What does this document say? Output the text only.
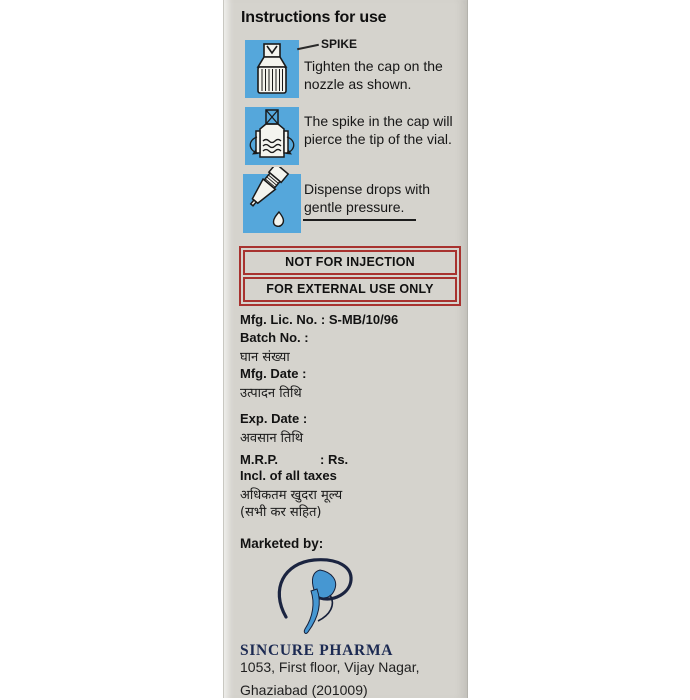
Instructions for use
SPIKE
Tighten the cap on the nozzle as shown.
The spike in the cap will pierce the tip of the vial.
Dispense drops with gentle pressure.
NOT FOR INJECTION
FOR EXTERNAL USE ONLY
Mfg. Lic. No. : S-MB/10/96
Batch No. :
घान संख्या
Mfg. Date :
उत्पादन तिथि
Exp. Date :
अवसान तिथि
M.R.P.	: Rs.
Incl. of all taxes
अधिकतम खुदरा मूल्य
(सभी कर सहित)
Marketed by:
SINCURE PHARMA
1053, First floor, Vijay Nagar,
Ghaziabad (201009)
